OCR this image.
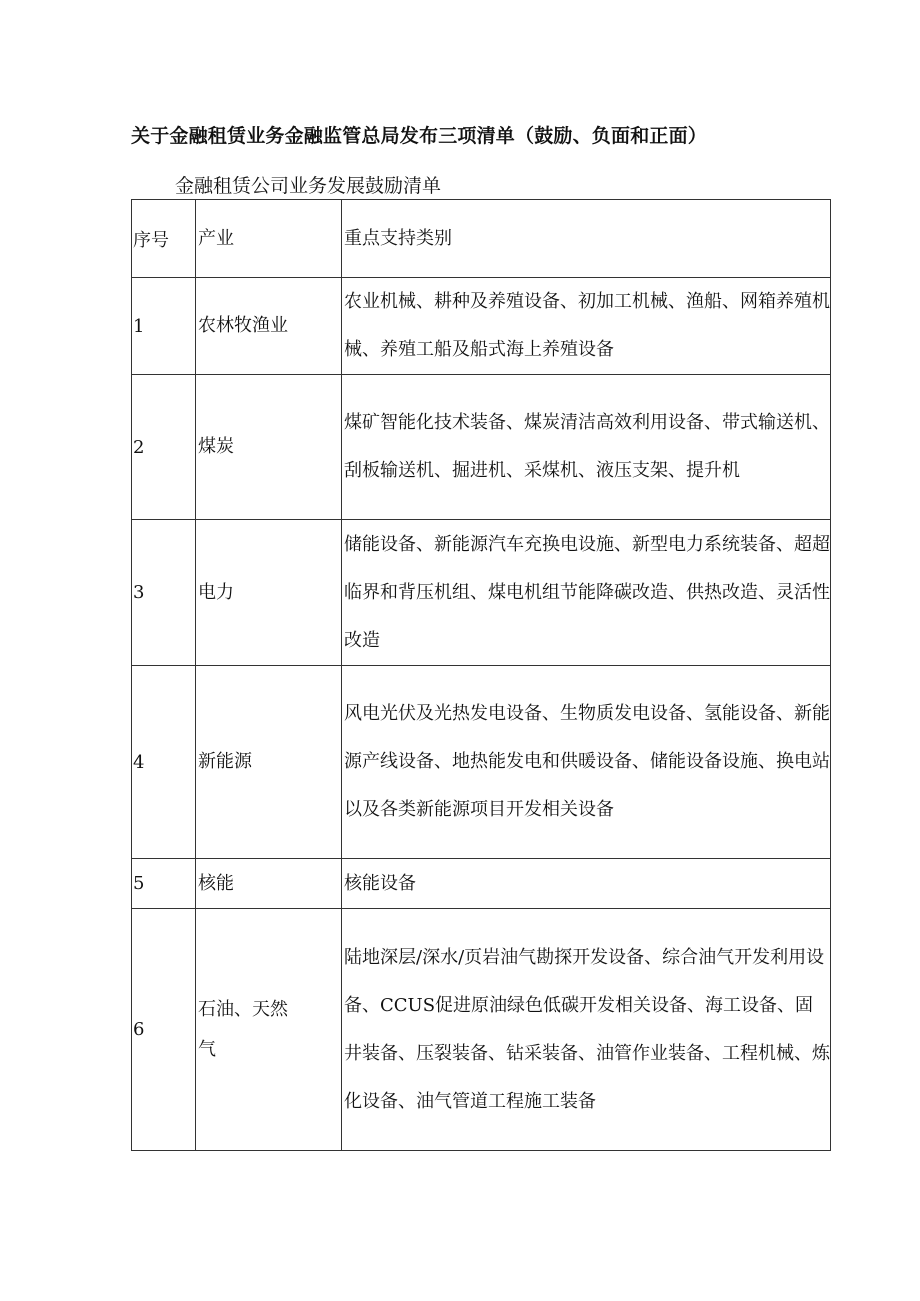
关于金融租赁业务金融监管总局发布三项清单（鼓励、负面和正面）
金融租赁公司业务发展鼓励清单
序号	产业	重点支持类别
1	农林牧渔业	农业机械、耕种及养殖设备、初加工机械、渔船、网箱养殖机械、养殖工船及船式海上养殖设备

2	煤炭	煤矿智能化技术装备、煤炭清洁高效利用设备、带式输送机、刮板输送机、掘进机、采煤机、液压支架、提升机

3	电力	储能设备、新能源汽车充换电设施、新型电力系统装备、超超临界和背压机组、煤电机组节能降碳改造、供热改造、灵活性改造

4	新能源	风电光伏及光热发电设备、生物质发电设备、氢能设备、新能源产线设备、地热能发电和供暖设备、储能设备设施、换电站以及各类新能源项目开发相关设备

5	核能	核能设备

6	石油、天然气	陆地深层/深水/页岩油气勘探开发设备、综合油气开发利用设备、CCUS促进原油绿色低碳开发相关设备、海工设备、固井装备、压裂装备、钻采装备、油管作业装备、工程机械、炼化设备、油气管道工程施工装备
